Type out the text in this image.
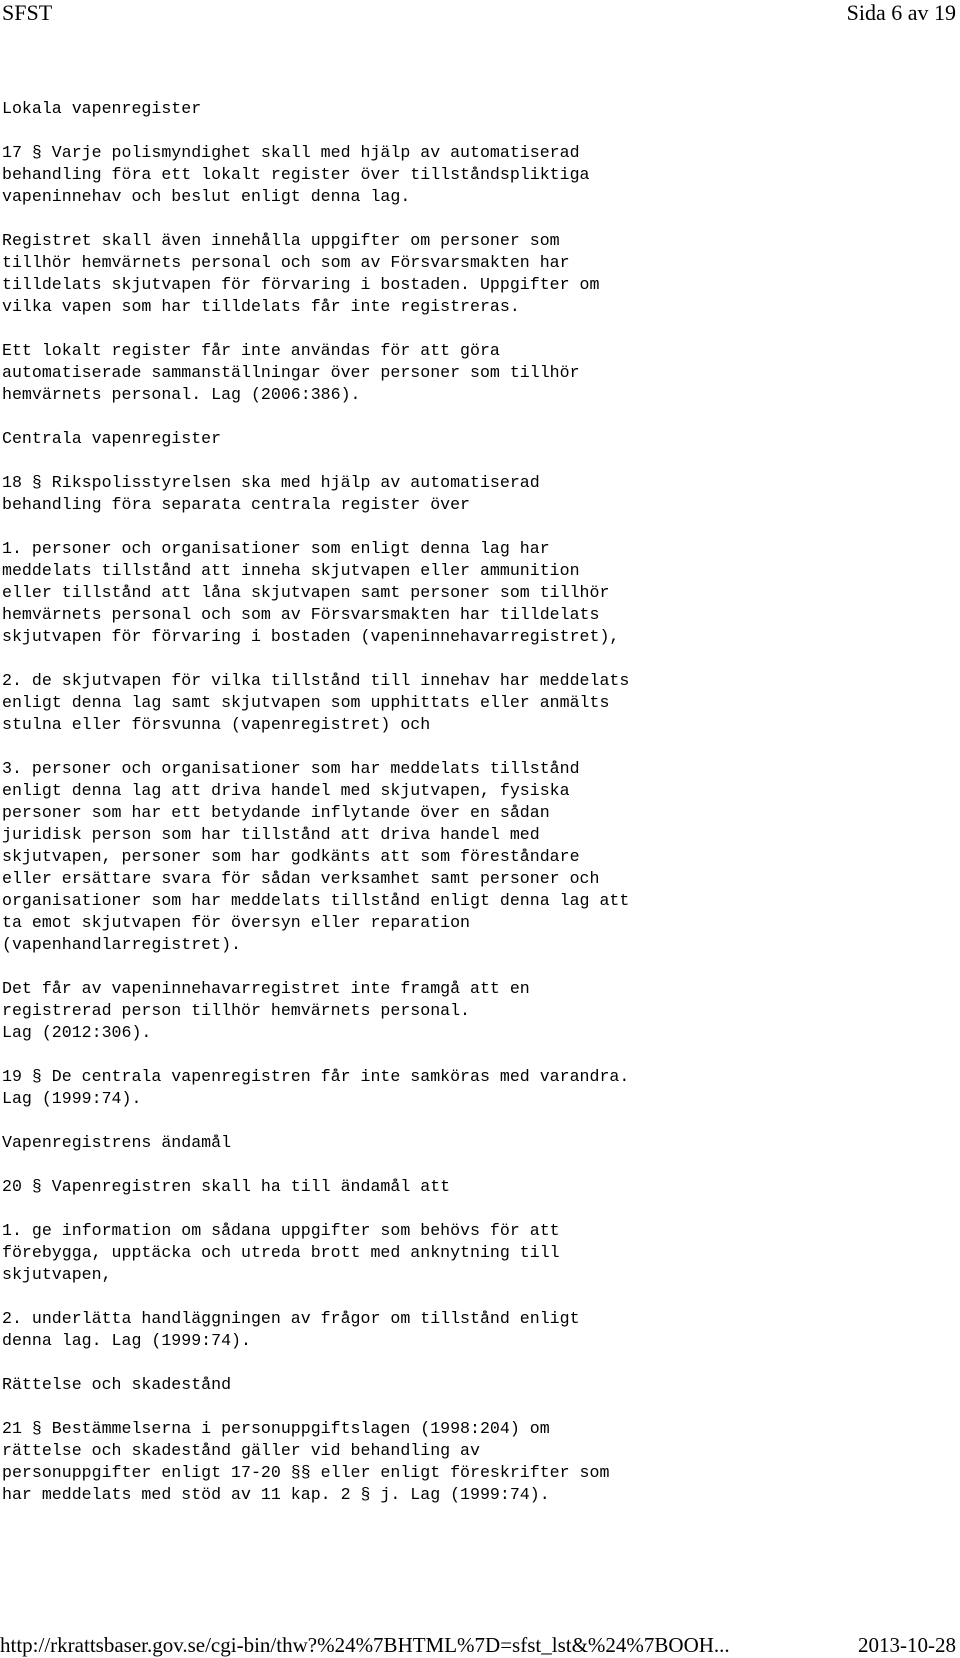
SFST	Sida 6 av 19
Lokala vapenregister
17 § Varje polismyndighet skall med hjälp av automatiserad
behandling föra ett lokalt register över tillståndspliktiga
vapeninnehav och beslut enligt denna lag.
Registret skall även innehålla uppgifter om personer som
tillhör hemvärnets personal och som av Försvarsmakten har
tilldelats skjutvapen för förvaring i bostaden. Uppgifter om
vilka vapen som har tilldelats får inte registreras.
Ett lokalt register får inte användas för att göra
automatiserade sammanställningar över personer som tillhör
hemvärnets personal. Lag (2006:386).
Centrala vapenregister
18 § Rikspolisstyrelsen ska med hjälp av automatiserad
behandling föra separata centrala register över
1. personer och organisationer som enligt denna lag har
meddelats tillstånd att inneha skjutvapen eller ammunition
eller tillstånd att låna skjutvapen samt personer som tillhör
hemvärnets personal och som av Försvarsmakten har tilldelats
skjutvapen för förvaring i bostaden (vapeninnehavarregistret),
2. de skjutvapen för vilka tillstånd till innehav har meddelats
enligt denna lag samt skjutvapen som upphittats eller anmälts
stulna eller försvunna (vapenregistret) och
3. personer och organisationer som har meddelats tillstånd
enligt denna lag att driva handel med skjutvapen, fysiska
personer som har ett betydande inflytande över en sådan
juridisk person som har tillstånd att driva handel med
skjutvapen, personer som har godkänts att som föreståndare
eller ersättare svara för sådan verksamhet samt personer och
organisationer som har meddelats tillstånd enligt denna lag att
ta emot skjutvapen för översyn eller reparation
(vapenhandlarregistret).
Det får av vapeninnehavarregistret inte framgå att en
registrerad person tillhör hemvärnets personal.
Lag (2012:306).
19 § De centrala vapenregistren får inte samköras med varandra.
Lag (1999:74).
Vapenregistrens ändamål
20 § Vapenregistren skall ha till ändamål att
1. ge information om sådana uppgifter som behövs för att
förebygga, upptäcka och utreda brott med anknytning till
skjutvapen,
2. underlätta handläggningen av frågor om tillstånd enligt
denna lag. Lag (1999:74).
Rättelse och skadestånd
21 § Bestämmelserna i personuppgiftslagen (1998:204) om
rättelse och skadestånd gäller vid behandling av
personuppgifter enligt 17-20 §§ eller enligt föreskrifter som
har meddelats med stöd av 11 kap. 2 § j. Lag (1999:74).
http://rkrattsbaser.gov.se/cgi-bin/thw?%24%7BHTML%7D=sfst_lst&%24%7BOOH...	2013-10-28
